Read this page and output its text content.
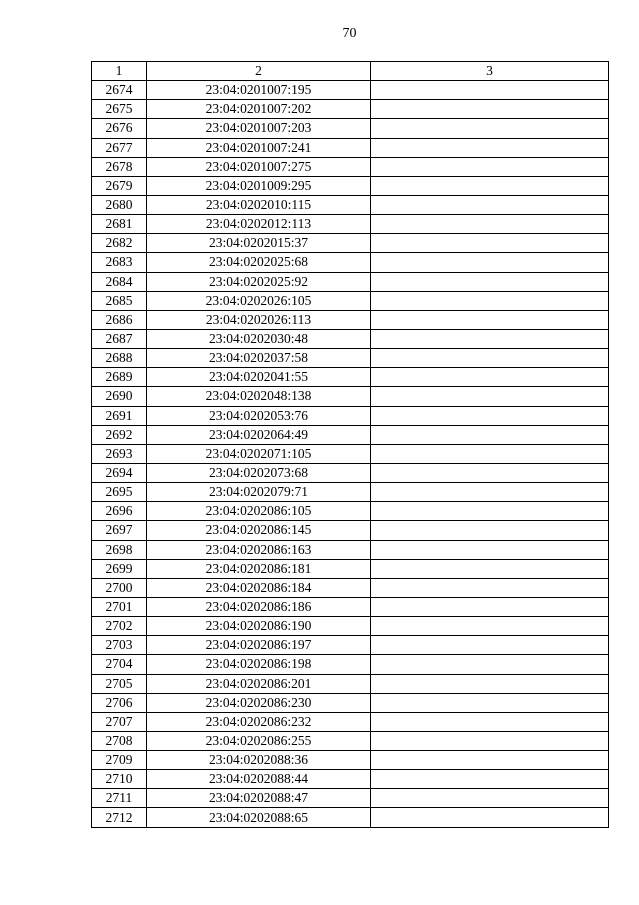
70
1	2	3
2674	23:04:0201007:195	
2675	23:04:0201007:202	
2676	23:04:0201007:203	
2677	23:04:0201007:241	
2678	23:04:0201007:275	
2679	23:04:0201009:295	
2680	23:04:0202010:115	
2681	23:04:0202012:113	
2682	23:04:0202015:37	
2683	23:04:0202025:68	
2684	23:04:0202025:92	
2685	23:04:0202026:105	
2686	23:04:0202026:113	
2687	23:04:0202030:48	
2688	23:04:0202037:58	
2689	23:04:0202041:55	
2690	23:04:0202048:138	
2691	23:04:0202053:76	
2692	23:04:0202064:49	
2693	23:04:0202071:105	
2694	23:04:0202073:68	
2695	23:04:0202079:71	
2696	23:04:0202086:105	
2697	23:04:0202086:145	
2698	23:04:0202086:163	
2699	23:04:0202086:181	
2700	23:04:0202086:184	
2701	23:04:0202086:186	
2702	23:04:0202086:190	
2703	23:04:0202086:197	
2704	23:04:0202086:198	
2705	23:04:0202086:201	
2706	23:04:0202086:230	
2707	23:04:0202086:232	
2708	23:04:0202086:255	
2709	23:04:0202088:36	
2710	23:04:0202088:44	
2711	23:04:0202088:47	
2712	23:04:0202088:65	
